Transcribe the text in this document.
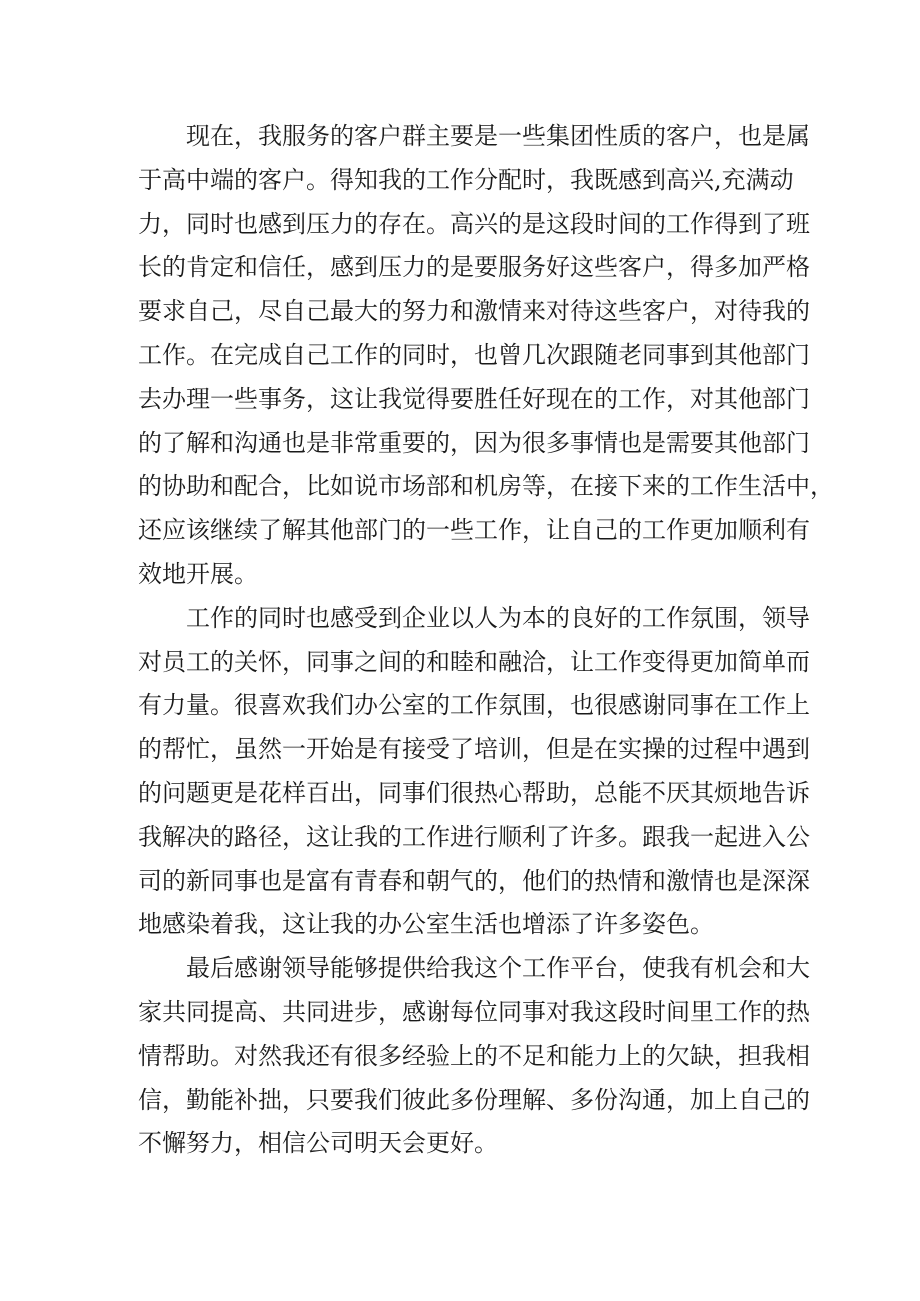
现在，我服务的客户群主要是一些集团性质的客户，也是属
于高中端的客户。得知我的工作分配时，我既感到高兴,充满动
力，同时也感到压力的存在。高兴的是这段时间的工作得到了班
长的肯定和信任，感到压力的是要服务好这些客户，得多加严格
要求自己，尽自己最大的努力和激情来对待这些客户，对待我的
工作。在完成自己工作的同时，也曾几次跟随老同事到其他部门
去办理一些事务，这让我觉得要胜任好现在的工作，对其他部门
的了解和沟通也是非常重要的，因为很多事情也是需要其他部门
的协助和配合，比如说市场部和机房等，在接下来的工作生活中，
还应该继续了解其他部门的一些工作，让自己的工作更加顺利有
效地开展。
工作的同时也感受到企业以人为本的良好的工作氛围，领导
对员工的关怀，同事之间的和睦和融洽，让工作变得更加简单而
有力量。很喜欢我们办公室的工作氛围，也很感谢同事在工作上
的帮忙，虽然一开始是有接受了培训，但是在实操的过程中遇到
的问题更是花样百出，同事们很热心帮助，总能不厌其烦地告诉
我解决的路径，这让我的工作进行顺利了许多。跟我一起进入公
司的新同事也是富有青春和朝气的，他们的热情和激情也是深深
地感染着我，这让我的办公室生活也增添了许多姿色。
最后感谢领导能够提供给我这个工作平台，使我有机会和大
家共同提高、共同进步，感谢每位同事对我这段时间里工作的热
情帮助。对然我还有很多经验上的不足和能力上的欠缺，担我相
信，勤能补拙，只要我们彼此多份理解、多份沟通，加上自己的
不懈努力，相信公司明天会更好。
